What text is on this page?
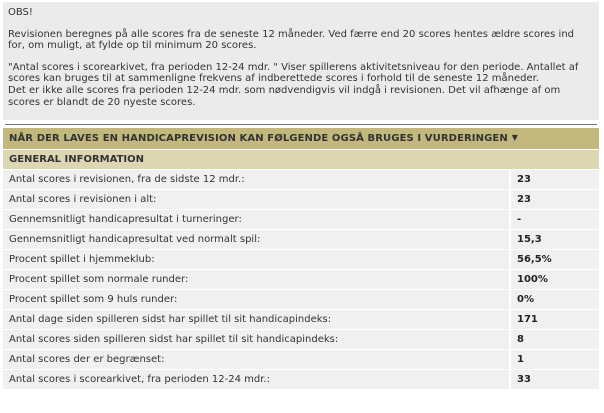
OBS!

Revisionen beregnes på alle scores fra de seneste 12 måneder. Ved færre end 20 scores hentes ældre scores ind for, om muligt, at fylde op til minimum 20 scores.

"Antal scores i scorearkivet, fra perioden 12-24 mdr. " Viser spillerens aktivitetsniveau for den periode. Antallet af scores kan bruges til at sammenligne frekvens af indberettede scores i forhold til de seneste 12 måneder.

Det er ikke alle scores fra perioden 12-24 mdr. som nødvendigvis vil indgå i revisionen. Det vil afhænge af om scores er blandt de 20 nyeste scores.

NÅR DER LAVES EN HANDICAPREVISION KAN FØLGENDE OGSÅ BRUGES I VURDERINGEN ▼
GENERAL INFORMATION
Antal scores i revisionen, fra de sidste 12 mdr.:	23
Antal scores i revisionen i alt:	23
Gennemsnitligt handicapresultat i turneringer:	-
Gennemsnitligt handicapresultat ved normalt spil:	15,3
Procent spillet i hjemmeklub:	56,5%
Procent spillet som normale runder:	100%
Procent spillet som 9 huls runder:	0%
Antal dage siden spilleren sidst har spillet til sit handicapindeks:	171
Antal scores siden spilleren sidst har spillet til sit handicapindeks:	8
Antal scores der er begrænset:	1
Antal scores i scorearkivet, fra perioden 12-24 mdr.:	33
